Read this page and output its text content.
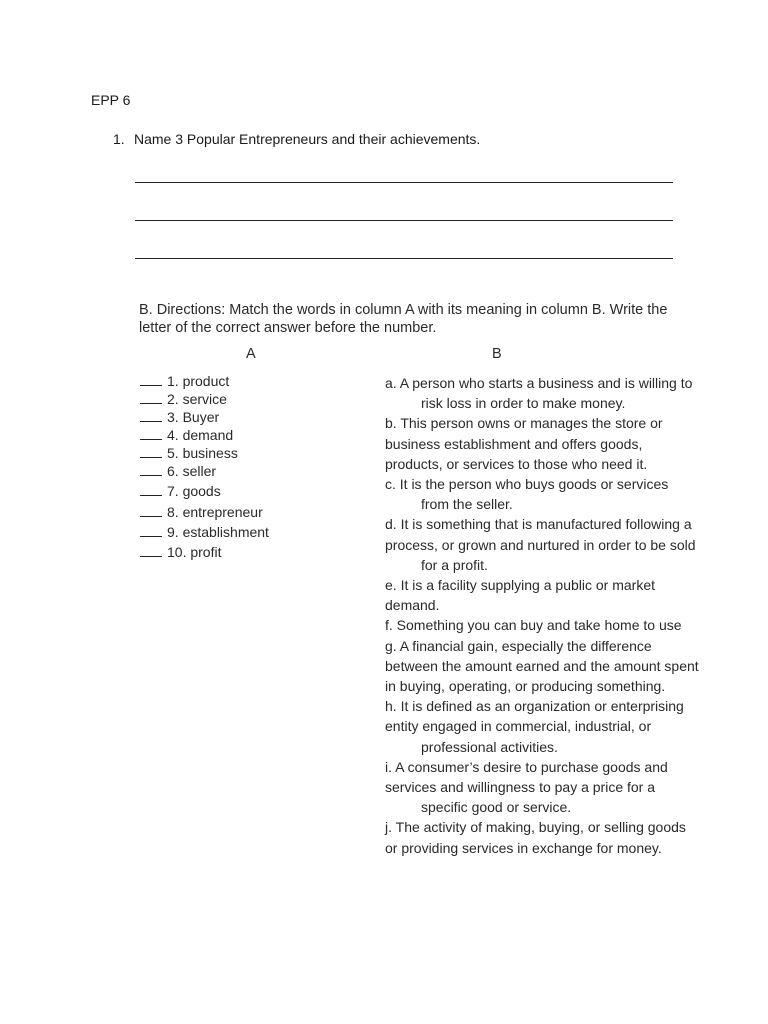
EPP 6
1. Name 3 Popular Entrepreneurs and their achievements.
B. Directions: Match the words in column A with its meaning in column B. Write the
letter of the correct answer before the number.
A	B
1. product
2. service
3. Buyer
4. demand
5. business
6. seller
7. goods
8. entrepreneur
9. establishment
10. profit
a. A person who starts a business and is willing to
risk loss in order to make money.
b. This person owns or manages the store or
business establishment and offers goods,
products, or services to those who need it.
c. It is the person who buys goods or services
from the seller.
d. It is something that is manufactured following a
process, or grown and nurtured in order to be sold
for a profit.
e. It is a facility supplying a public or market
demand.
f. Something you can buy and take home to use
g. A financial gain, especially the difference
between the amount earned and the amount spent
in buying, operating, or producing something.
h. It is defined as an organization or enterprising
entity engaged in commercial, industrial, or
professional activities.
i. A consumer’s desire to purchase goods and
services and willingness to pay a price for a
specific good or service.
j. The activity of making, buying, or selling goods
or providing services in exchange for money.
